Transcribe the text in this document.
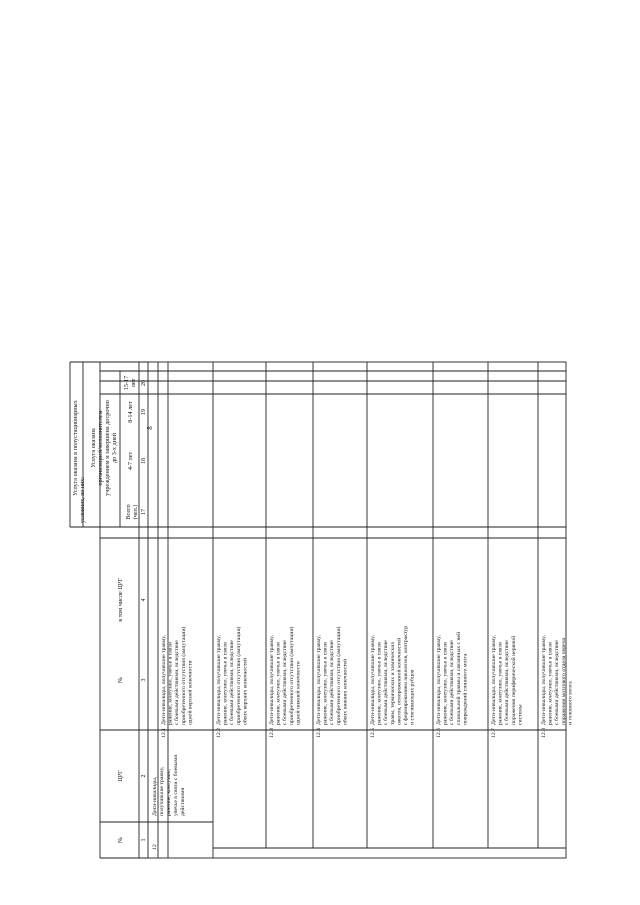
8
№
ЦРГ
№
в том числе ЦРГ
Услуга оказана в полустационарных
условиях, из них:
Услуга оказана организацией/исполнителем учреждением и завершена досрочно до 3-х дней
Всего (чел.)
4-7 лет
8-14 лет
15-17 лет
1
2
3
4
17
18
19
20
12
Дети-инвалиды, получившие травму, ранение, контузию, увечье в связи с боевыми действиями
12.1
Дети-инвалиды, получившие травму, ранение, контузию, увечье в связи с боевыми действиями, вследствие приобретенного отсутствия (ампутации) одной верхней конечности
12.2
Дети-инвалиды, получившие травму, ранение, контузию, увечье в связи с боевыми действиями, вследствие приобретенного отсутствия (ампутации) обеих верхних конечностей
12.3
Дети-инвалиды, получившие травму, ранение, контузию, увечье в связи с боевыми действиями, вследствие приобретенного отсутствия (ампутации) одной нижней конечности
12.4
Дети-инвалиды, получившие травму, ранение, контузию, увечье в связи с боевыми действиями, вследствие приобретенного отсутствия (ампутации) обеих нижних конечностей
12.5
Дети-инвалиды, получившие травму, ранение, контузию, увечье в связи с боевыми действиями, вследствие травм, термических и химических ожогов, отмороженной конечностей с формированием анкилозов, контрактур и стягивающих рубцов
12.6
Дети-инвалиды, получившие травму, ранение, контузию, увечье в связи с боевыми действиями, вследствие спинальной травмы и связанных с ней повреждений спинного мозга
12.7
Дети-инвалиды, получившие травму, ранение, контузию, увечье в связи с боевыми действиями, вследствие поражения периферической нервной системы
12.8
Дети-инвалиды, получившие травму, ранение, контузию, увечье в связи с боевыми действиями, вследствие поражения мозгового отдела черепа и головного мозга
